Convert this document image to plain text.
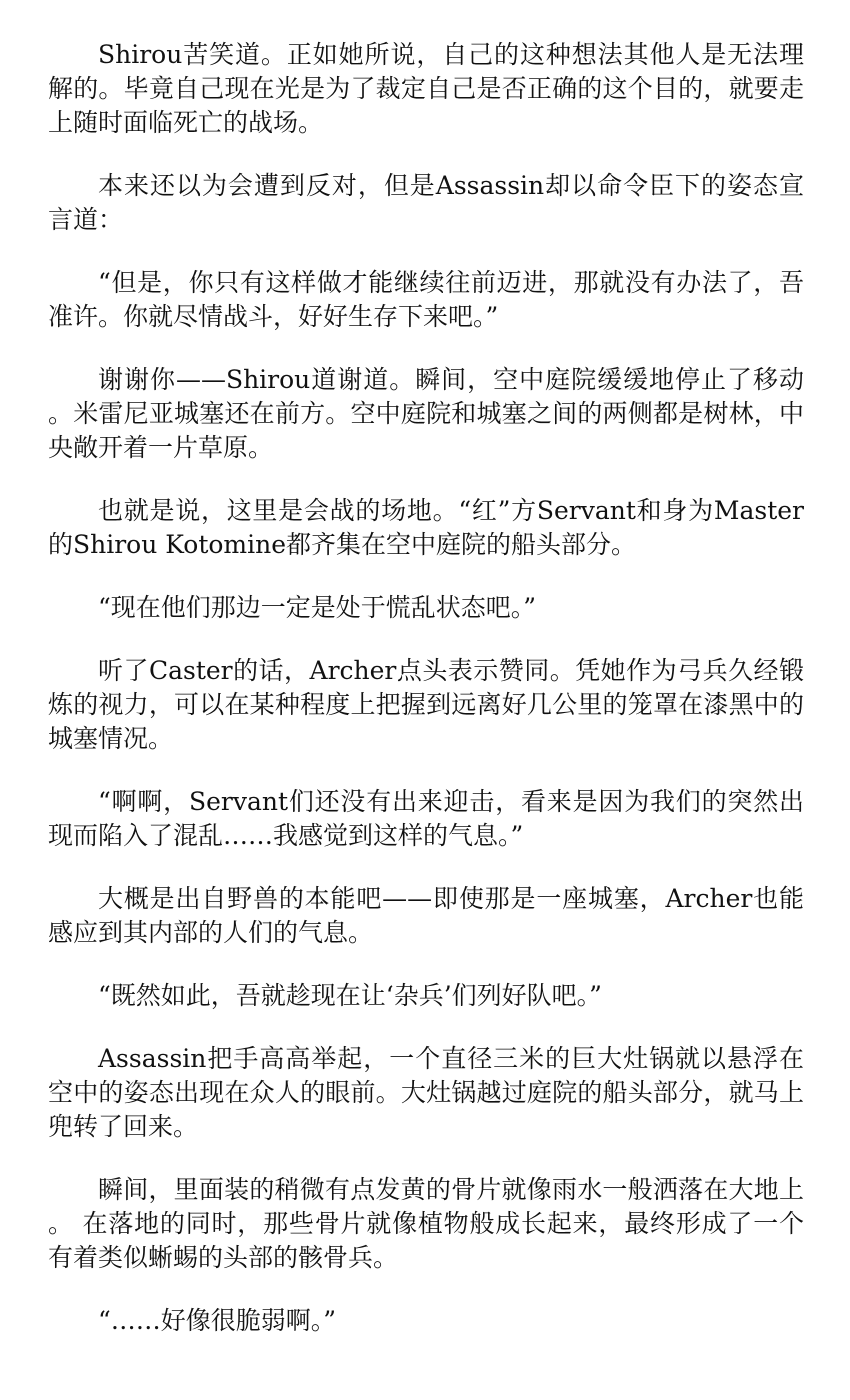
Shirou苦笑道。正如她所说，自己的这种想法其他人是无法理解的。毕竟自己现在光是为了裁定自己是否正确的这个目的，就要走上随时面临死亡的战场。

本来还以为会遭到反对，但是Assassin却以命令臣下的姿态宣言道：

“但是，你只有这样做才能继续往前迈进，那就没有办法了，吾准许。你就尽情战斗，好好生存下来吧。”

谢谢你——Shirou道谢道。瞬间，空中庭院缓缓地停止了移动。米雷尼亚城塞还在前方。空中庭院和城塞之间的两侧都是树林，中央敞开着一片草原。

也就是说，这里是会战的场地。“红”方Servant和身为Master的Shirou Kotomine都齐集在空中庭院的船头部分。

“现在他们那边一定是处于慌乱状态吧。”

听了Caster的话，Archer点头表示赞同。凭她作为弓兵久经锻炼的视力，可以在某种程度上把握到远离好几公里的笼罩在漆黑中的城塞情况。

“啊啊，Servant们还没有出来迎击，看来是因为我们的突然出现而陷入了混乱……我感觉到这样的气息。”

大概是出自野兽的本能吧——即使那是一座城塞，Archer也能感应到其内部的人们的气息。

“既然如此，吾就趁现在让‘杂兵’们列好队吧。”

Assassin把手高高举起，一个直径三米的巨大灶锅就以悬浮在空中的姿态出现在众人的眼前。大灶锅越过庭院的船头部分，就马上兜转了回来。

瞬间，里面装的稍微有点发黄的骨片就像雨水一般洒落在大地上。 在落地的同时，那些骨片就像植物般成长起来，最终形成了一个有着类似蜥蜴的头部的骸骨兵。

“……好像很脆弱啊。”
